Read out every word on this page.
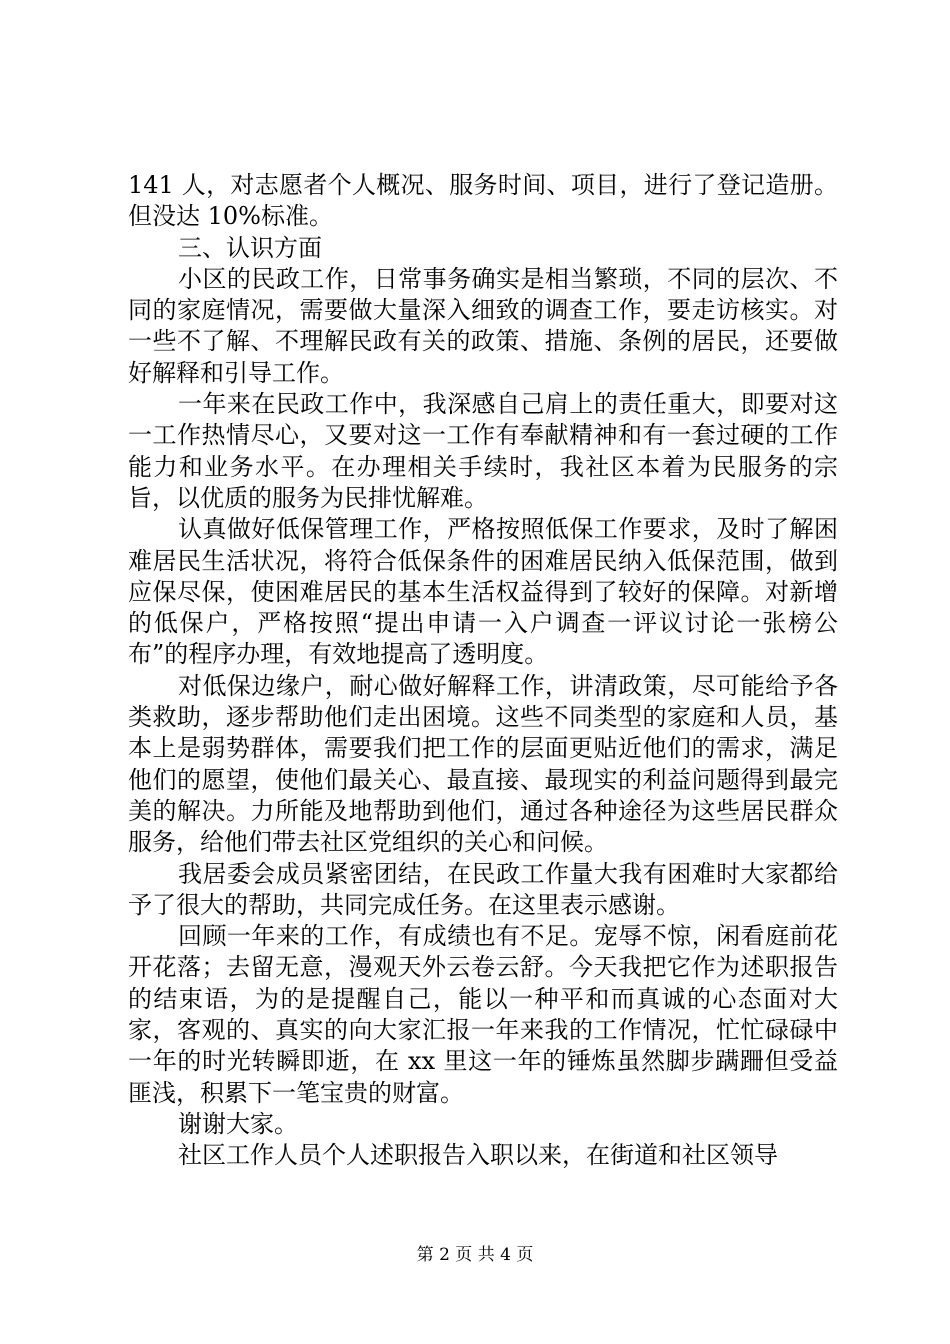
141 人，对志愿者个人概况、服务时间、项目，进行了登记造册。但没达 10%标准。

三、认识方面

小区的民政工作，日常事务确实是相当繁琐，不同的层次、不同的家庭情况，需要做大量深入细致的调查工作，要走访核实。对一些不了解、不理解民政有关的政策、措施、条例的居民，还要做好解释和引导工作。

一年来在民政工作中，我深感自己肩上的责任重大，即要对这一工作热情尽心，又要对这一工作有奉献精神和有一套过硬的工作能力和业务水平。在办理相关手续时，我社区本着为民服务的宗旨，以优质的服务为民排忧解难。

认真做好低保管理工作，严格按照低保工作要求，及时了解困难居民生活状况，将符合低保条件的困难居民纳入低保范围，做到应保尽保，使困难居民的基本生活权益得到了较好的保障。对新增的低保户，严格按照“提出申请一入户调查一评议讨论一张榜公布”的程序办理，有效地提高了透明度。

对低保边缘户，耐心做好解释工作，讲清政策，尽可能给予各类救助，逐步帮助他们走出困境。这些不同类型的家庭和人员，基本上是弱势群体，需要我们把工作的层面更贴近他们的需求，满足他们的愿望，使他们最关心、最直接、最现实的利益问题得到最完美的解决。力所能及地帮助到他们，通过各种途径为这些居民群众服务，给他们带去社区党组织的关心和问候。

我居委会成员紧密团结，在民政工作量大我有困难时大家都给予了很大的帮助，共同完成任务。在这里表示感谢。

回顾一年来的工作，有成绩也有不足。宠辱不惊，闲看庭前花开花落；去留无意，漫观天外云卷云舒。今天我把它作为述职报告的结束语，为的是提醒自己，能以一种平和而真诚的心态面对大家，客观的、真实的向大家汇报一年来我的工作情况，忙忙碌碌中一年的时光转瞬即逝，在 xx 里这一年的锤炼虽然脚步蹒跚但受益匪浅，积累下一笔宝贵的财富。

谢谢大家。

社区工作人员个人述职报告入职以来，在街道和社区领导

第 2 页 共 4 页
